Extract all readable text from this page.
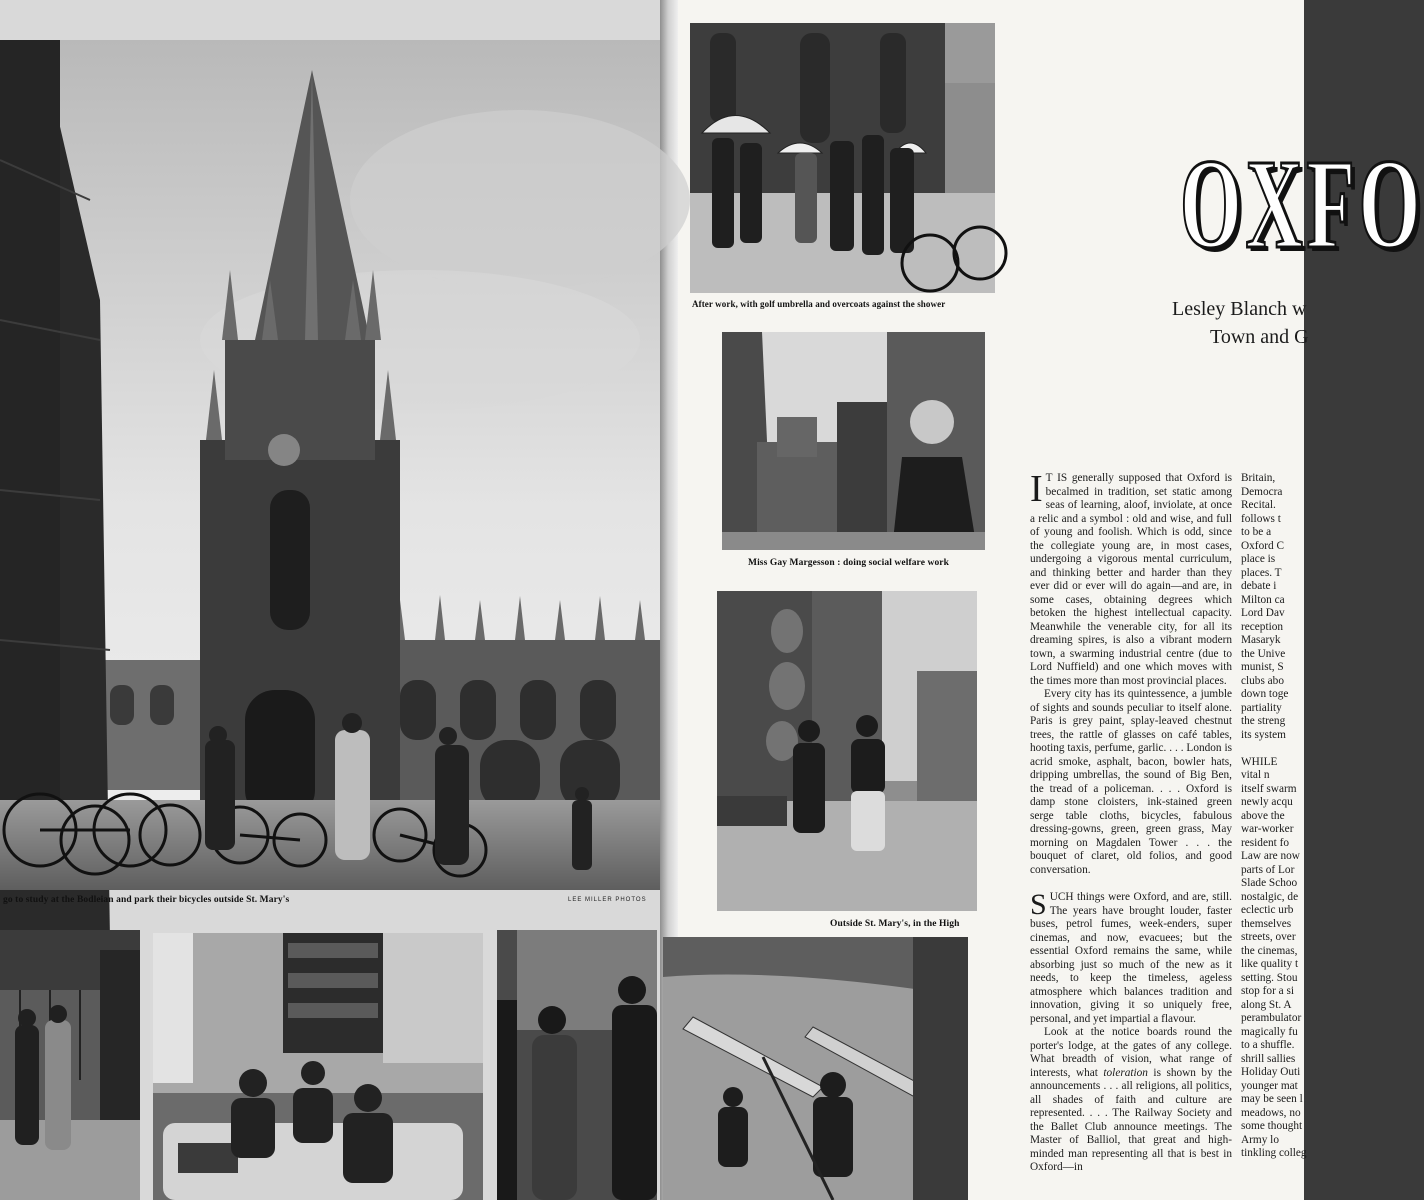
go to study at the Bodleian and park their bicycles outside St. Mary's	LEE MILLER PHOTOS
After work, with golf umbrella and overcoats against the shower
Miss Gay Margesson : doing social welfare work
Outside St. Mary's, in the High
OXFO
Lesley Blanch w
Town and G

I T IS generally supposed that Oxford is becalmed in tradition, set static among seas of learning, aloof, inviolate, at once a relic and a symbol : old and wise, and full of young and foolish. Which is odd, since the collegiate young are, in most cases, undergoing a vigorous mental curriculum, and thinking better and harder than they ever did or ever will do again—and are, in some cases, obtaining degrees which betoken the highest intellectual capacity. Meanwhile the venerable city, for all its dreaming spires, is also a vibrant modern town, a swarming industrial centre (due to Lord Nuffield) and one which moves with the times more than most provincial places.

Every city has its quintessence, a jumble of sights and sounds peculiar to itself alone. Paris is grey paint, splay-leaved chestnut trees, the rattle of glasses on café tables, hooting taxis, perfume, garlic. . . . London is acrid smoke, asphalt, bacon, bowler hats, dripping umbrellas, the sound of Big Ben, the tread of a policeman. . . . Oxford is damp stone cloisters, ink-stained green serge table cloths, bicycles, fabulous dressing-gowns, green, green grass, May morning on Magdalen Tower . . . the bouquet of claret, old folios, and good conversation.

SUCH things were Oxford, and are, still. The years have brought louder, faster buses, petrol fumes, week-enders, super cinemas, and now, evacuees; but the essential Oxford remains the same, while absorbing just so much of the new as it needs, to keep the timeless, ageless atmosphere which balances tradition and innovation, giving it so uniquely free, personal, and yet impartial a flavour.

Look at the notice boards round the porter's lodge, at the gates of any college. What breadth of vision, what range of interests, what toleration is shown by the announcements . . . all religions, all politics, all shades of faith and culture are represented. . . . The Railway Society and the Ballet Club announce meetings. The Master of Balliol, that great and high-minded man representing all that is best in Oxford—in

Britain,
Democra
Recital.
follows t
to be a
Oxford C
place is
places. T
debate i
Milton ca
Lord Dav
reception
Masaryk
the Unive
munist, S
clubs abo
down toge
partiality
the streng
its system
WHILE
vital n
itself swarm
newly acqu
above the
war-worker
resident fo
Law are now
parts of Lor
Slade Schoo
nostalgic, de
eclectic urb
themselves
streets, over
the cinemas,
like quality t
setting. Stou
stop for a si
along St. A
perambulator
magically fu
to a shuffle.
shrill sallies
Holiday Outi
younger mat
may be seen l
meadows, no
some thought
Army lo
tinkling colleg
